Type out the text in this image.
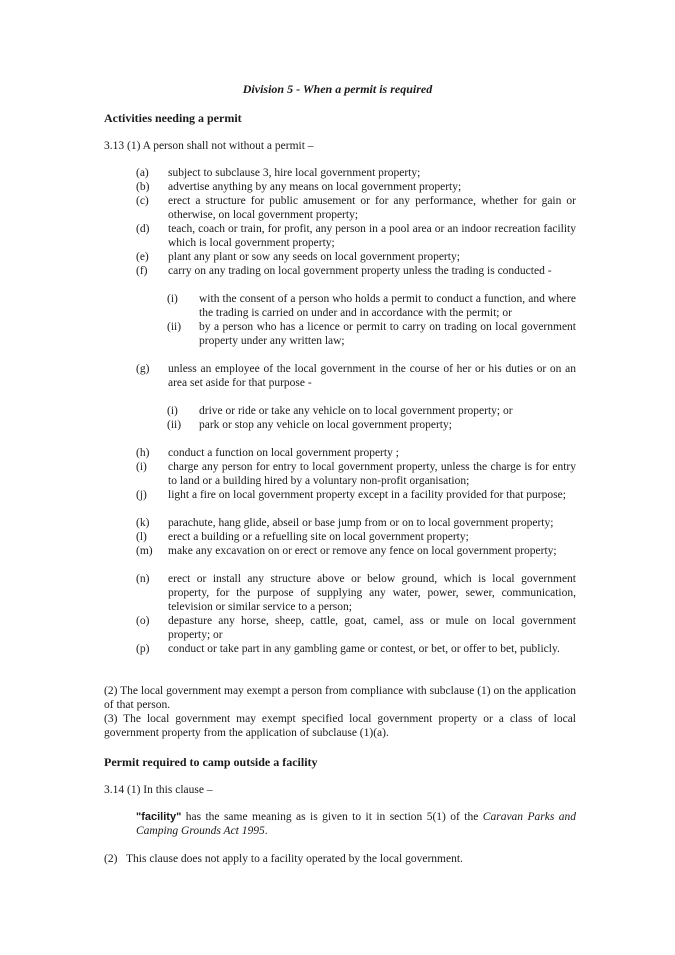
Division 5 - When a permit is required
Activities needing a permit
3.13 (1) A person shall not without a permit –
(a)	subject to subclause 3, hire local government property;
(b)	advertise anything by any means on local government property;
(c)	erect a structure for public amusement or for any performance, whether for gain or otherwise, on local government property;
(d)	teach, coach or train, for profit, any person in a pool area or an indoor recreation facility which is local government property;
(e)	plant any plant or sow any seeds on local government property;
(f)	carry on any trading on local government property unless the trading is conducted -
(i)	with the consent of a person who holds a permit to conduct a function, and where the trading is carried on under and in accordance with the permit; or
(ii)	by a person who has a licence or permit to carry on trading on local government property under any written law;
(g)	unless an employee of the local government in the course of her or his duties or on an area set aside for that purpose -
(i)	drive or ride or take any vehicle on to local government property; or
(ii)	park or stop any vehicle on local government property;
(h)	conduct a function on local government property ;
(i)	charge any person for entry to local government property, unless the charge is for entry to land or a building hired by a voluntary non-profit organisation;
(j)	light a fire on local government property except in a facility provided for that purpose;
(k)	parachute, hang glide, abseil or base jump from or on to local government property;
(l)	erect a building or a refuelling site on local government property;
(m)	make any excavation on or erect or remove any fence on local government property;
(n)	erect or install any structure above or below ground, which is local government property, for the purpose of supplying any water, power, sewer, communication, television or similar service to a person;
(o)	depasture any horse, sheep, cattle, goat, camel, ass or mule on local government property; or
(p)	conduct or take part in any gambling game or contest, or bet, or offer to bet, publicly.
(2) The local government may exempt a person from compliance with subclause (1) on the application of that person.
(3) The local government may exempt specified local government property or a class of local government property from the application of subclause (1)(a).
Permit required to camp outside a facility
3.14 (1) In this clause –
"facility" has the same meaning as is given to it in section 5(1) of the Caravan Parks and Camping Grounds Act 1995.
(2) This clause does not apply to a facility operated by the local government.
